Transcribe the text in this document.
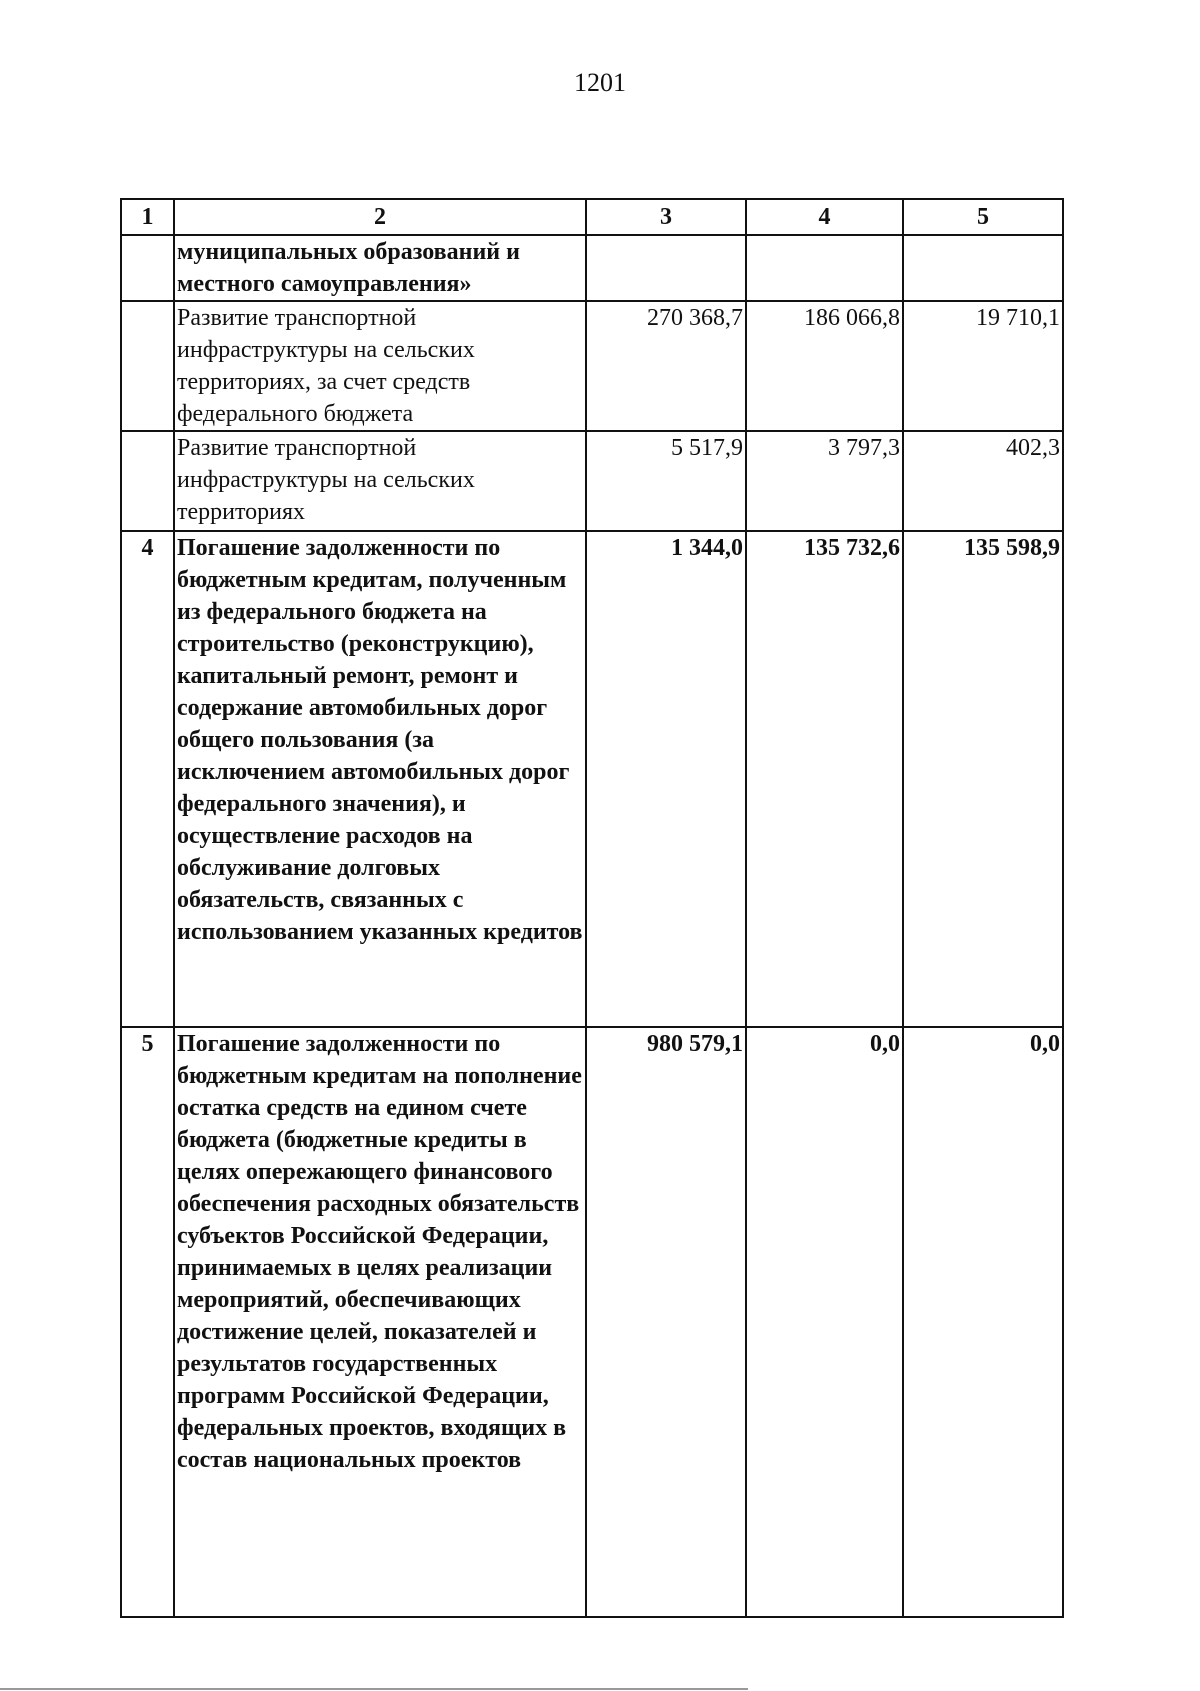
1201
1	2	3	4	5
	муниципальных образований и местного самоуправления»			
	Развитие транспортной инфраструктуры на сельских территориях, за счет средств федерального бюджета	270 368,7	186 066,8	19 710,1
	Развитие транспортной инфраструктуры на сельских территориях	5 517,9	3 797,3	402,3
4	Погашение задолженности по бюджетным кредитам, полученным из федерального бюджета на строительство (реконструкцию), капитальный ремонт, ремонт и содержание автомобильных дорог общего пользования (за исключением автомобильных дорог федерального значения), и осуществление расходов на обслуживание долговых обязательств, связанных с использованием указанных кредитов	1 344,0	135 732,6	135 598,9
5	Погашение задолженности по бюджетным кредитам на пополнение остатка средств на едином счете бюджета (бюджетные кредиты в целях опережающего финансового обеспечения расходных обязательств субъектов Российской Федерации, принимаемых в целях реализации мероприятий, обеспечивающих достижение целей, показателей и результатов государственных программ Российской Федерации, федеральных проектов, входящих в состав национальных проектов	980 579,1	0,0	0,0
